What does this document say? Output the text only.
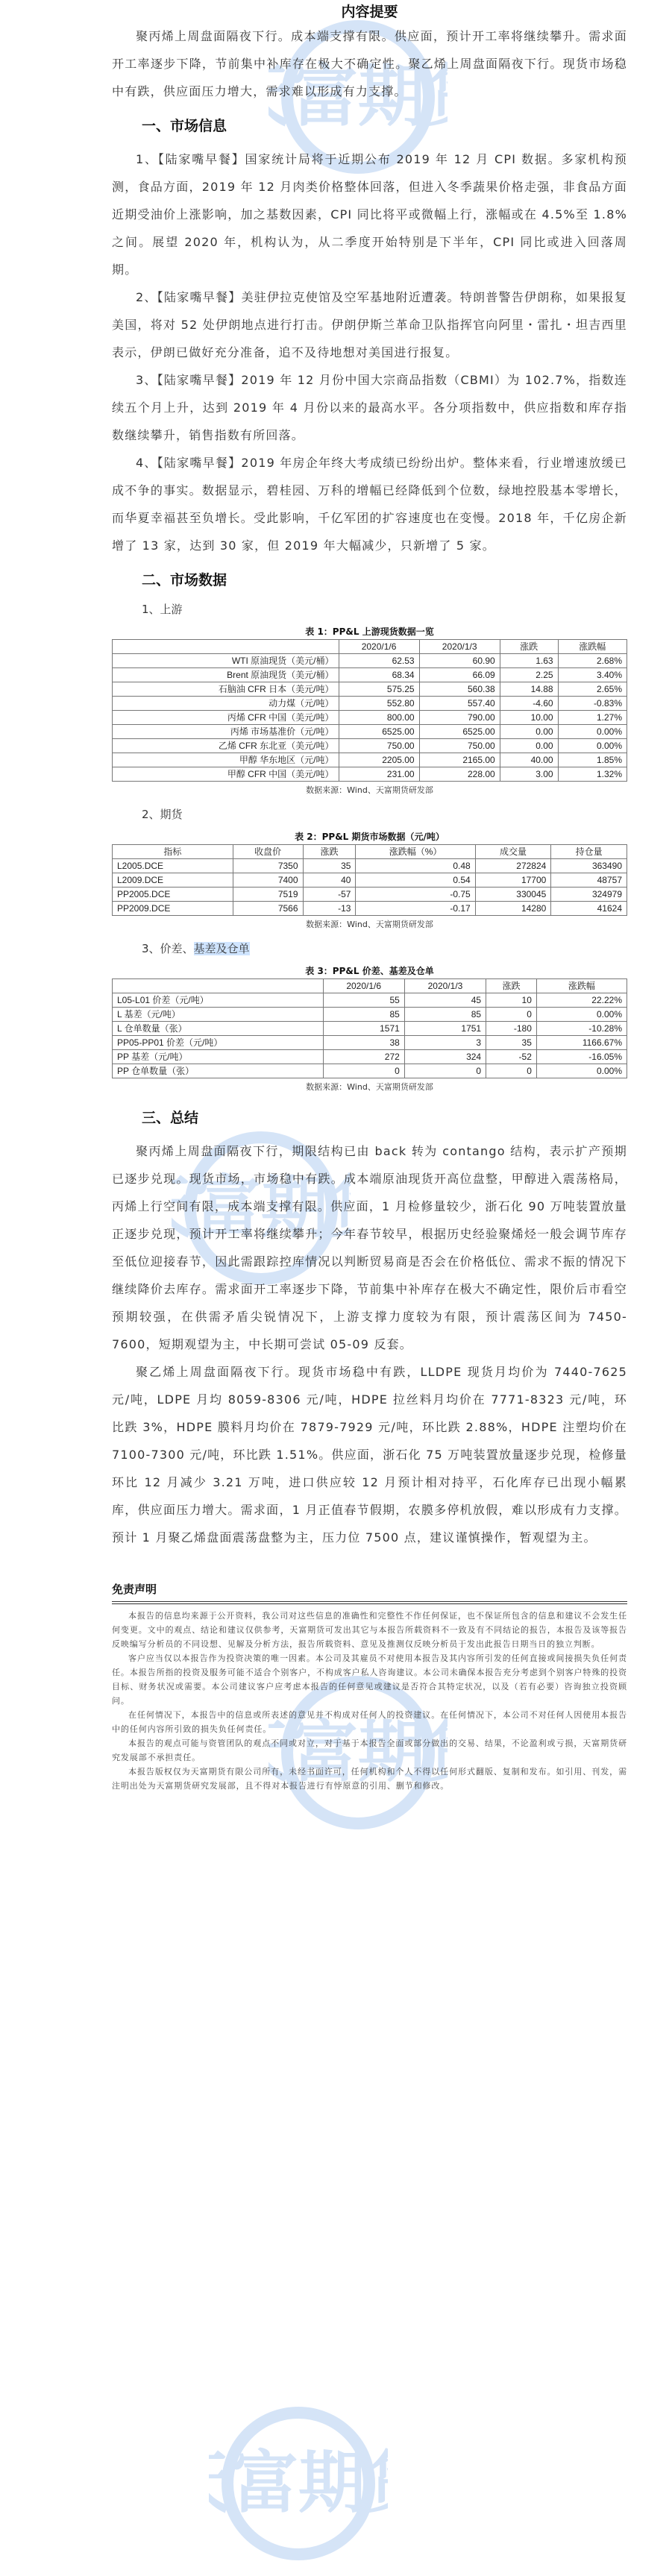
富期
富期
富期
富期
内容提要

聚丙烯上周盘面隔夜下行。成本端支撑有限。供应面，预计开工率将继续攀升。需求面开工率逐步下降，节前集中补库存在极大不确定性。聚乙烯上周盘面隔夜下行。现货市场稳中有跌，供应面压力增大，需求难以形成有力支撑。

一、市场信息

1、【陆家嘴早餐】国家统计局将于近期公布 2019 年 12 月 CPI 数据。多家机构预测，食品方面，2019 年 12 月肉类价格整体回落，但进入冬季蔬果价格走强，非食品方面近期受油价上涨影响，加之基数因素，CPI 同比将平或微幅上行，涨幅或在 4.5%至 1.8%之间。展望 2020 年，机构认为，从二季度开始特别是下半年，CPI 同比或进入回落周期。

2、【陆家嘴早餐】美驻伊拉克使馆及空军基地附近遭袭。特朗普警告伊朗称，如果报复美国，将对 52 处伊朗地点进行打击。伊朗伊斯兰革命卫队指挥官向阿里・雷扎・坦吉西里表示，伊朗已做好充分准备，追不及待地想对美国进行报复。

3、【陆家嘴早餐】2019 年 12 月份中国大宗商品指数（CBMI）为 102.7%，指数连续五个月上升，达到 2019 年 4 月份以来的最高水平。各分项指数中，供应指数和库存指数继续攀升，销售指数有所回落。

4、【陆家嘴早餐】2019 年房企年终大考成绩已纷纷出炉。整体来看，行业增速放缓已成不争的事实。数据显示，碧桂园、万科的增幅已经降低到个位数，绿地控股基本零增长，而华夏幸福甚至负增长。受此影响，千亿军团的扩容速度也在变慢。2018 年，千亿房企新增了 13 家，达到 30 家，但 2019 年大幅减少，只新增了 5 家。

二、市场数据
1、上游
表 1：PP&L 上游现货数据一览
	2020/1/6	2020/1/3	涨跌	涨跌幅
WTI 原油现货（美元/桶）	62.53	60.90	1.63	2.68%
Brent 原油现货（美元/桶）	68.34	66.09	2.25	3.40%
石脑油 CFR 日本（美元/吨）	575.25	560.38	14.88	2.65%
动力煤（元/吨）	552.80	557.40	-4.60	-0.83%
丙烯 CFR 中国（美元/吨）	800.00	790.00	10.00	1.27%
丙烯 市场基准价（元/吨）	6525.00	6525.00	0.00	0.00%
乙烯 CFR 东北亚（美元/吨）	750.00	750.00	0.00	0.00%
甲醇 华东地区（元/吨）	2205.00	2165.00	40.00	1.85%
甲醇 CFR 中国（美元/吨）	231.00	228.00	3.00	1.32%
数据来源：Wind、天富期货研发部
2、期货
表 2：PP&L 期货市场数据（元/吨）
指标	收盘价	涨跌	涨跌幅（%）	成交量	持仓量
L2005.DCE	7350	35	0.48	272824	363490
L2009.DCE	7400	40	0.54	17700	48757
PP2005.DCE	7519	-57	-0.75	330045	324979
PP2009.DCE	7566	-13	-0.17	14280	41624
数据来源：Wind、天富期货研发部
3、价差、基差及仓单
表 3：PP&L 价差、基差及仓单
	2020/1/6	2020/1/3	涨跌	涨跌幅
L05-L01 价差（元/吨）	55	45	10	22.22%
L 基差（元/吨）	85	85	0	0.00%
L 仓单数量（张）	1571	1751	-180	-10.28%
PP05-PP01 价差（元/吨）	38	3	35	1166.67%
PP 基差（元/吨）	272	324	-52	-16.05%
PP 仓单数量（张）	0	0	0	0.00%
数据来源：Wind、天富期货研发部
三、总结

聚丙烯上周盘面隔夜下行，期限结构已由 back 转为 contango 结构，表示扩产预期已逐步兑现。现货市场，市场稳中有跌。成本端原油现货开高位盘整，甲醇进入震荡格局，丙烯上行空间有限，成本端支撑有限。供应面，1 月检修量较少，浙石化 90 万吨装置放量正逐步兑现，预计开工率将继续攀升；今年春节较早，根据历史经验聚烯烃一般会调节库存至低位迎接春节，因此需跟踪控库情况以判断贸易商是否会在价格低位、需求不振的情况下继续降价去库存。需求面开工率逐步下降，节前集中补库存在极大不确定性，限价后市看空预期较强，在供需矛盾尖锐情况下，上游支撑力度较为有限，预计震荡区间为 7450-7600，短期观望为主，中长期可尝试 05-09 反套。

聚乙烯上周盘面隔夜下行。现货市场稳中有跌，LLDPE 现货月均价为 7440-7625 元/吨，LDPE 月均 8059-8306 元/吨，HDPE 拉丝料月均价在 7771-8323 元/吨，环比跌 3%，HDPE 膜料月均价在 7879-7929 元/吨，环比跌 2.88%，HDPE 注塑均价在 7100-7300 元/吨，环比跌 1.51%。供应面，浙石化 75 万吨装置放量逐步兑现，检修量环比 12 月减少 3.21 万吨，进口供应较 12 月预计相对持平，石化库存已出现小幅累库，供应面压力增大。需求面，1 月正值春节假期，农膜多停机放假，难以形成有力支撑。预计 1 月聚乙烯盘面震荡盘整为主，压力位 7500 点，建议谨慎操作，暂观望为主。

免责声明

本报告的信息均来源于公开资料，我公司对这些信息的准确性和完整性不作任何保证，也不保证所包含的信息和建议不会发生任何变更。文中的观点、结论和建议仅供参考，天富期货可发出其它与本报告所载资料不一致及有不同结论的报告，本报告及该等报告反映编写分析员的不同设想、见解及分析方法，报告所载资料、意见及推测仅反映分析员于发出此报告日期当日的独立判断。

客户应当仅以本报告作为投资决策的唯一因素。本公司及其雇员不对使用本报告及其内容所引发的任何直接或间接损失负任何责任。本报告所指的投资及服务可能不适合个别客户，不构成客户私人咨询建议。本公司未确保本报告充分考虑到个别客户特殊的投资目标、财务状况或需要。本公司建议客户应考虑本报告的任何意见或建议是否符合其特定状况，以及（若有必要）咨询独立投资顾问。

在任何情况下，本报告中的信息或所表述的意见并不构成对任何人的投资建议。在任何情况下，本公司不对任何人因使用本报告中的任何内容所引致的损失负任何责任。

本报告的观点可能与资管团队的观点不同或对立，对于基于本报告全面或部分做出的交易、结果，不论盈利或亏损，天富期货研究发展部不承担责任。

本报告版权仅为天富期货有限公司所有，未经书面许可，任何机构和个人不得以任何形式翻版、复制和发布。如引用、刊发，需注明出处为天富期货研究发展部，且不得对本报告进行有悖原意的引用、删节和修改。
